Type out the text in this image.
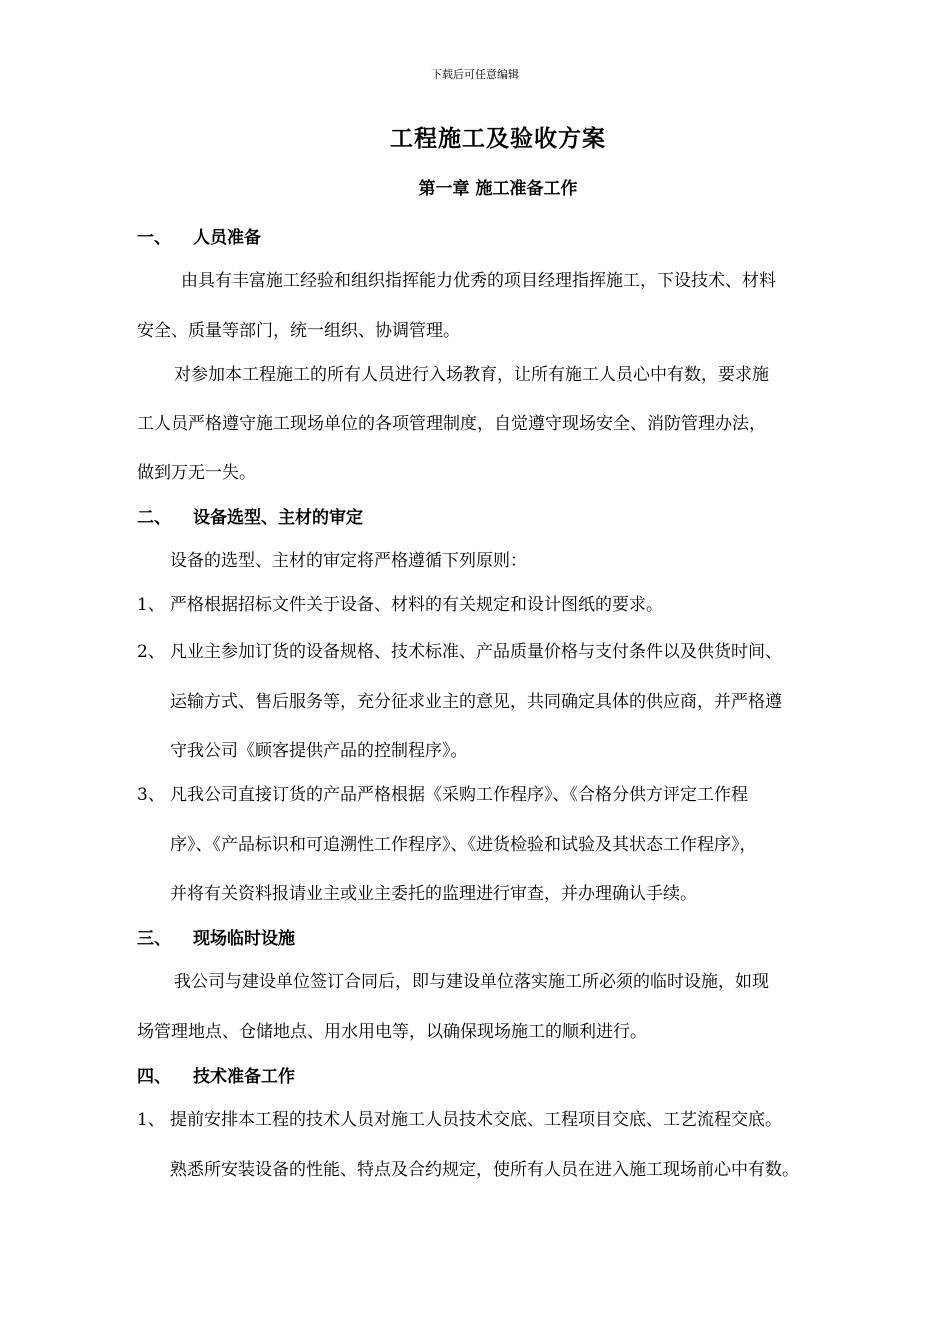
下载后可任意编辑
工程施工及验收方案
第一章 施工准备工作
一、 人员准备
由具有丰富施工经验和组织指挥能力优秀的项目经理指挥施工，下设技术、材料
安全、质量等部门，统一组织、协调管理。
对参加本工程施工的所有人员进行入场教育，让所有施工人员心中有数，要求施
工人员严格遵守施工现场单位的各项管理制度，自觉遵守现场安全、消防管理办法，
做到万无一失。
二、 设备选型、主材的审定
设备的选型、主材的审定将严格遵循下列原则：
1、 严格根据招标文件关于设备、材料的有关规定和设计图纸的要求。
2、 凡业主参加订货的设备规格、技术标准、产品质量价格与支付条件以及供货时间、
运输方式、售后服务等，充分征求业主的意见，共同确定具体的供应商，并严格遵
守我公司《顾客提供产品的控制程序》。
3、 凡我公司直接订货的产品严格根据《采购工作程序》、《合格分供方评定工作程
序》、《产品标识和可追溯性工作程序》、《进货检验和试验及其状态工作程序》，
并将有关资料报请业主或业主委托的监理进行审查，并办理确认手续。
三、 现场临时设施
我公司与建设单位签订合同后，即与建设单位落实施工所必须的临时设施，如现
场管理地点、仓储地点、用水用电等，以确保现场施工的顺利进行。
四、 技术准备工作
1、 提前安排本工程的技术人员对施工人员技术交底、工程项目交底、工艺流程交底。
熟悉所安装设备的性能、特点及合约规定，使所有人员在进入施工现场前心中有数。
